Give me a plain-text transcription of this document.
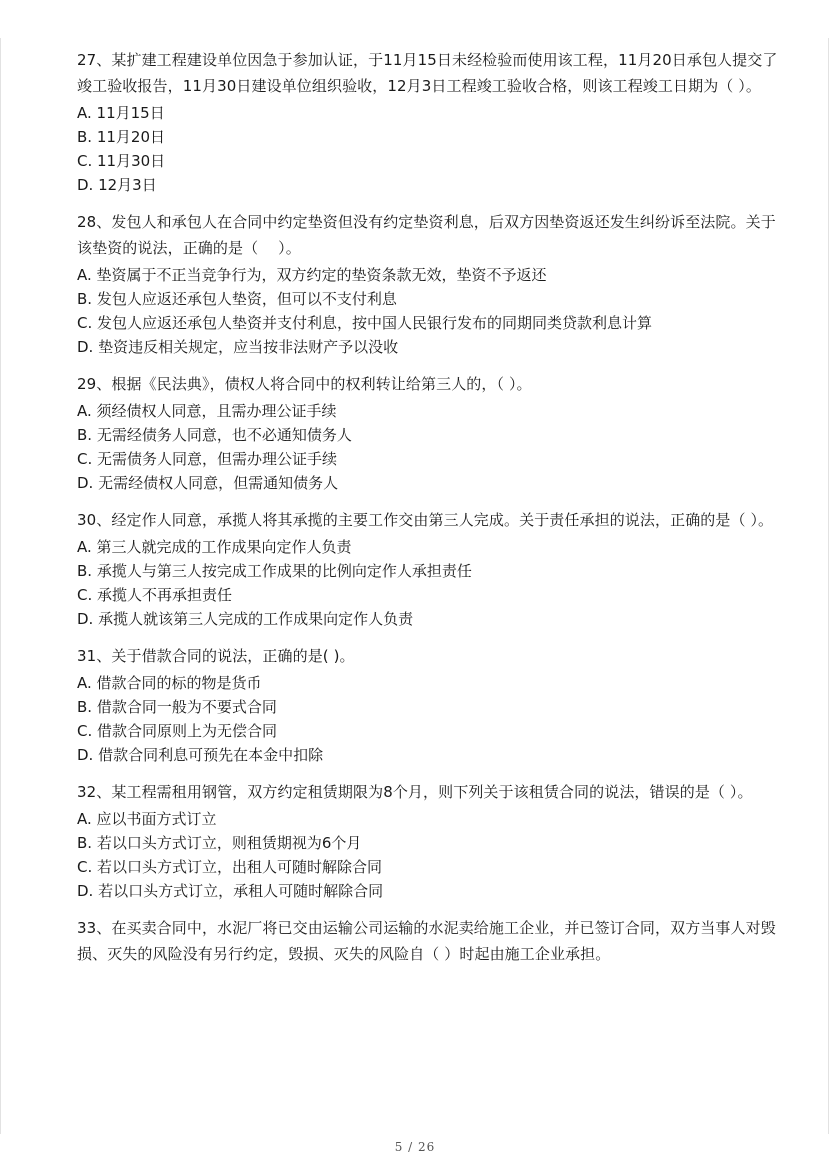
27、某扩建工程建设单位因急于参加认证，于11月15日未经检验而使用该工程，11月20日承包人提交了竣工验收报告，11月30日建设单位组织验收，12月3日工程竣工验收合格，则该工程竣工日期为（ ）。

A. 11月15日

B. 11月20日

C. 11月30日

D. 12月3日

28、发包人和承包人在合同中约定垫资但没有约定垫资利息，后双方因垫资返还发生纠纷诉至法院。关于该垫资的说法，正确的是（　 ）。

A. 垫资属于不正当竞争行为，双方约定的垫资条款无效，垫资不予返还

B. 发包人应返还承包人垫资，但可以不支付利息

C. 发包人应返还承包人垫资并支付利息，按中国人民银行发布的同期同类贷款利息计算

D. 垫资违反相关规定，应当按非法财产予以没收

29、根据《民法典》，债权人将合同中的权利转让给第三人的，（ ）。

A. 须经债权人同意，且需办理公证手续

B. 无需经债务人同意，也不必通知债务人

C. 无需债务人同意，但需办理公证手续

D. 无需经债权人同意，但需通知债务人

30、经定作人同意，承揽人将其承揽的主要工作交由第三人完成。关于责任承担的说法，正确的是（ ）。

A. 第三人就完成的工作成果向定作人负责

B. 承揽人与第三人按完成工作成果的比例向定作人承担责任

C. 承揽人不再承担责任

D. 承揽人就该第三人完成的工作成果向定作人负责

31、关于借款合同的说法，正确的是( )。

A. 借款合同的标的物是货币

B. 借款合同一般为不要式合同

C. 借款合同原则上为无偿合同

D. 借款合同利息可预先在本金中扣除

32、某工程需租用钢管，双方约定租赁期限为8个月，则下列关于该租赁合同的说法，错误的是（ ）。

A. 应以书面方式订立

B. 若以口头方式订立，则租赁期视为6个月

C. 若以口头方式订立，出租人可随时解除合同

D. 若以口头方式订立，承租人可随时解除合同

33、在买卖合同中，水泥厂将已交由运输公司运输的水泥卖给施工企业，并已签订合同，双方当事人对毁损、灭失的风险没有另行约定，毁损、灭失的风险自（ ）时起由施工企业承担。

5 / 26
